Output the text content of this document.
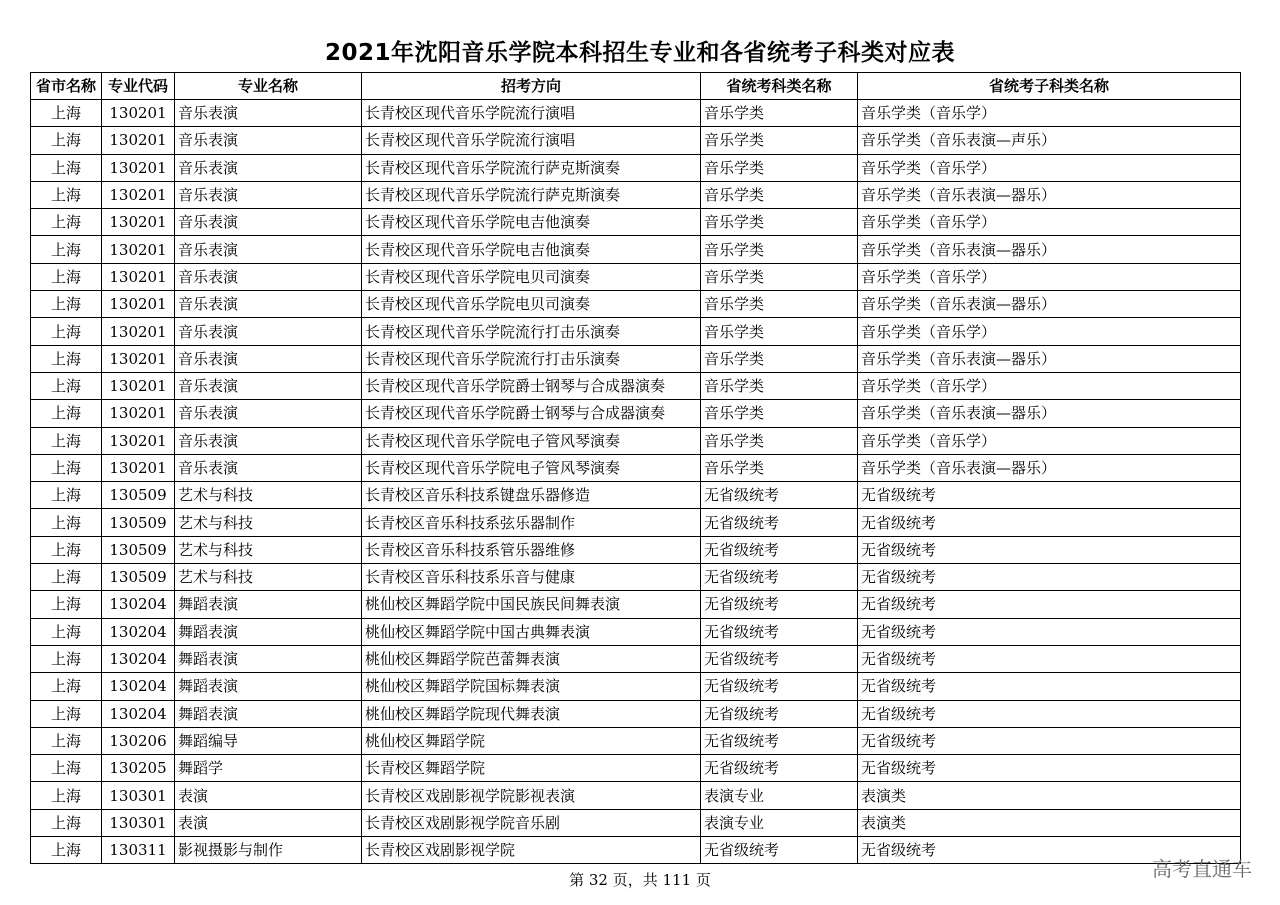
2021年沈阳音乐学院本科招生专业和各省统考子科类对应表
省市名称	专业代码	专业名称	招考方向	省统考科类名称	省统考子科类名称
上海	130201	音乐表演	长青校区现代音乐学院流行演唱	音乐学类	音乐学类（音乐学）
上海	130201	音乐表演	长青校区现代音乐学院流行演唱	音乐学类	音乐学类（音乐表演—声乐）
上海	130201	音乐表演	长青校区现代音乐学院流行萨克斯演奏	音乐学类	音乐学类（音乐学）
上海	130201	音乐表演	长青校区现代音乐学院流行萨克斯演奏	音乐学类	音乐学类（音乐表演—器乐）
上海	130201	音乐表演	长青校区现代音乐学院电吉他演奏	音乐学类	音乐学类（音乐学）
上海	130201	音乐表演	长青校区现代音乐学院电吉他演奏	音乐学类	音乐学类（音乐表演—器乐）
上海	130201	音乐表演	长青校区现代音乐学院电贝司演奏	音乐学类	音乐学类（音乐学）
上海	130201	音乐表演	长青校区现代音乐学院电贝司演奏	音乐学类	音乐学类（音乐表演—器乐）
上海	130201	音乐表演	长青校区现代音乐学院流行打击乐演奏	音乐学类	音乐学类（音乐学）
上海	130201	音乐表演	长青校区现代音乐学院流行打击乐演奏	音乐学类	音乐学类（音乐表演—器乐）
上海	130201	音乐表演	长青校区现代音乐学院爵士钢琴与合成器演奏	音乐学类	音乐学类（音乐学）
上海	130201	音乐表演	长青校区现代音乐学院爵士钢琴与合成器演奏	音乐学类	音乐学类（音乐表演—器乐）
上海	130201	音乐表演	长青校区现代音乐学院电子管风琴演奏	音乐学类	音乐学类（音乐学）
上海	130201	音乐表演	长青校区现代音乐学院电子管风琴演奏	音乐学类	音乐学类（音乐表演—器乐）
上海	130509	艺术与科技	长青校区音乐科技系键盘乐器修造	无省级统考	无省级统考
上海	130509	艺术与科技	长青校区音乐科技系弦乐器制作	无省级统考	无省级统考
上海	130509	艺术与科技	长青校区音乐科技系管乐器维修	无省级统考	无省级统考
上海	130509	艺术与科技	长青校区音乐科技系乐音与健康	无省级统考	无省级统考
上海	130204	舞蹈表演	桃仙校区舞蹈学院中国民族民间舞表演	无省级统考	无省级统考
上海	130204	舞蹈表演	桃仙校区舞蹈学院中国古典舞表演	无省级统考	无省级统考
上海	130204	舞蹈表演	桃仙校区舞蹈学院芭蕾舞表演	无省级统考	无省级统考
上海	130204	舞蹈表演	桃仙校区舞蹈学院国标舞表演	无省级统考	无省级统考
上海	130204	舞蹈表演	桃仙校区舞蹈学院现代舞表演	无省级统考	无省级统考
上海	130206	舞蹈编导	桃仙校区舞蹈学院	无省级统考	无省级统考
上海	130205	舞蹈学	长青校区舞蹈学院	无省级统考	无省级统考
上海	130301	表演	长青校区戏剧影视学院影视表演	表演专业	表演类
上海	130301	表演	长青校区戏剧影视学院音乐剧	表演专业	表演类
上海	130311	影视摄影与制作	长青校区戏剧影视学院	无省级统考	无省级统考
第 32 页，共 111 页	高考直通车
